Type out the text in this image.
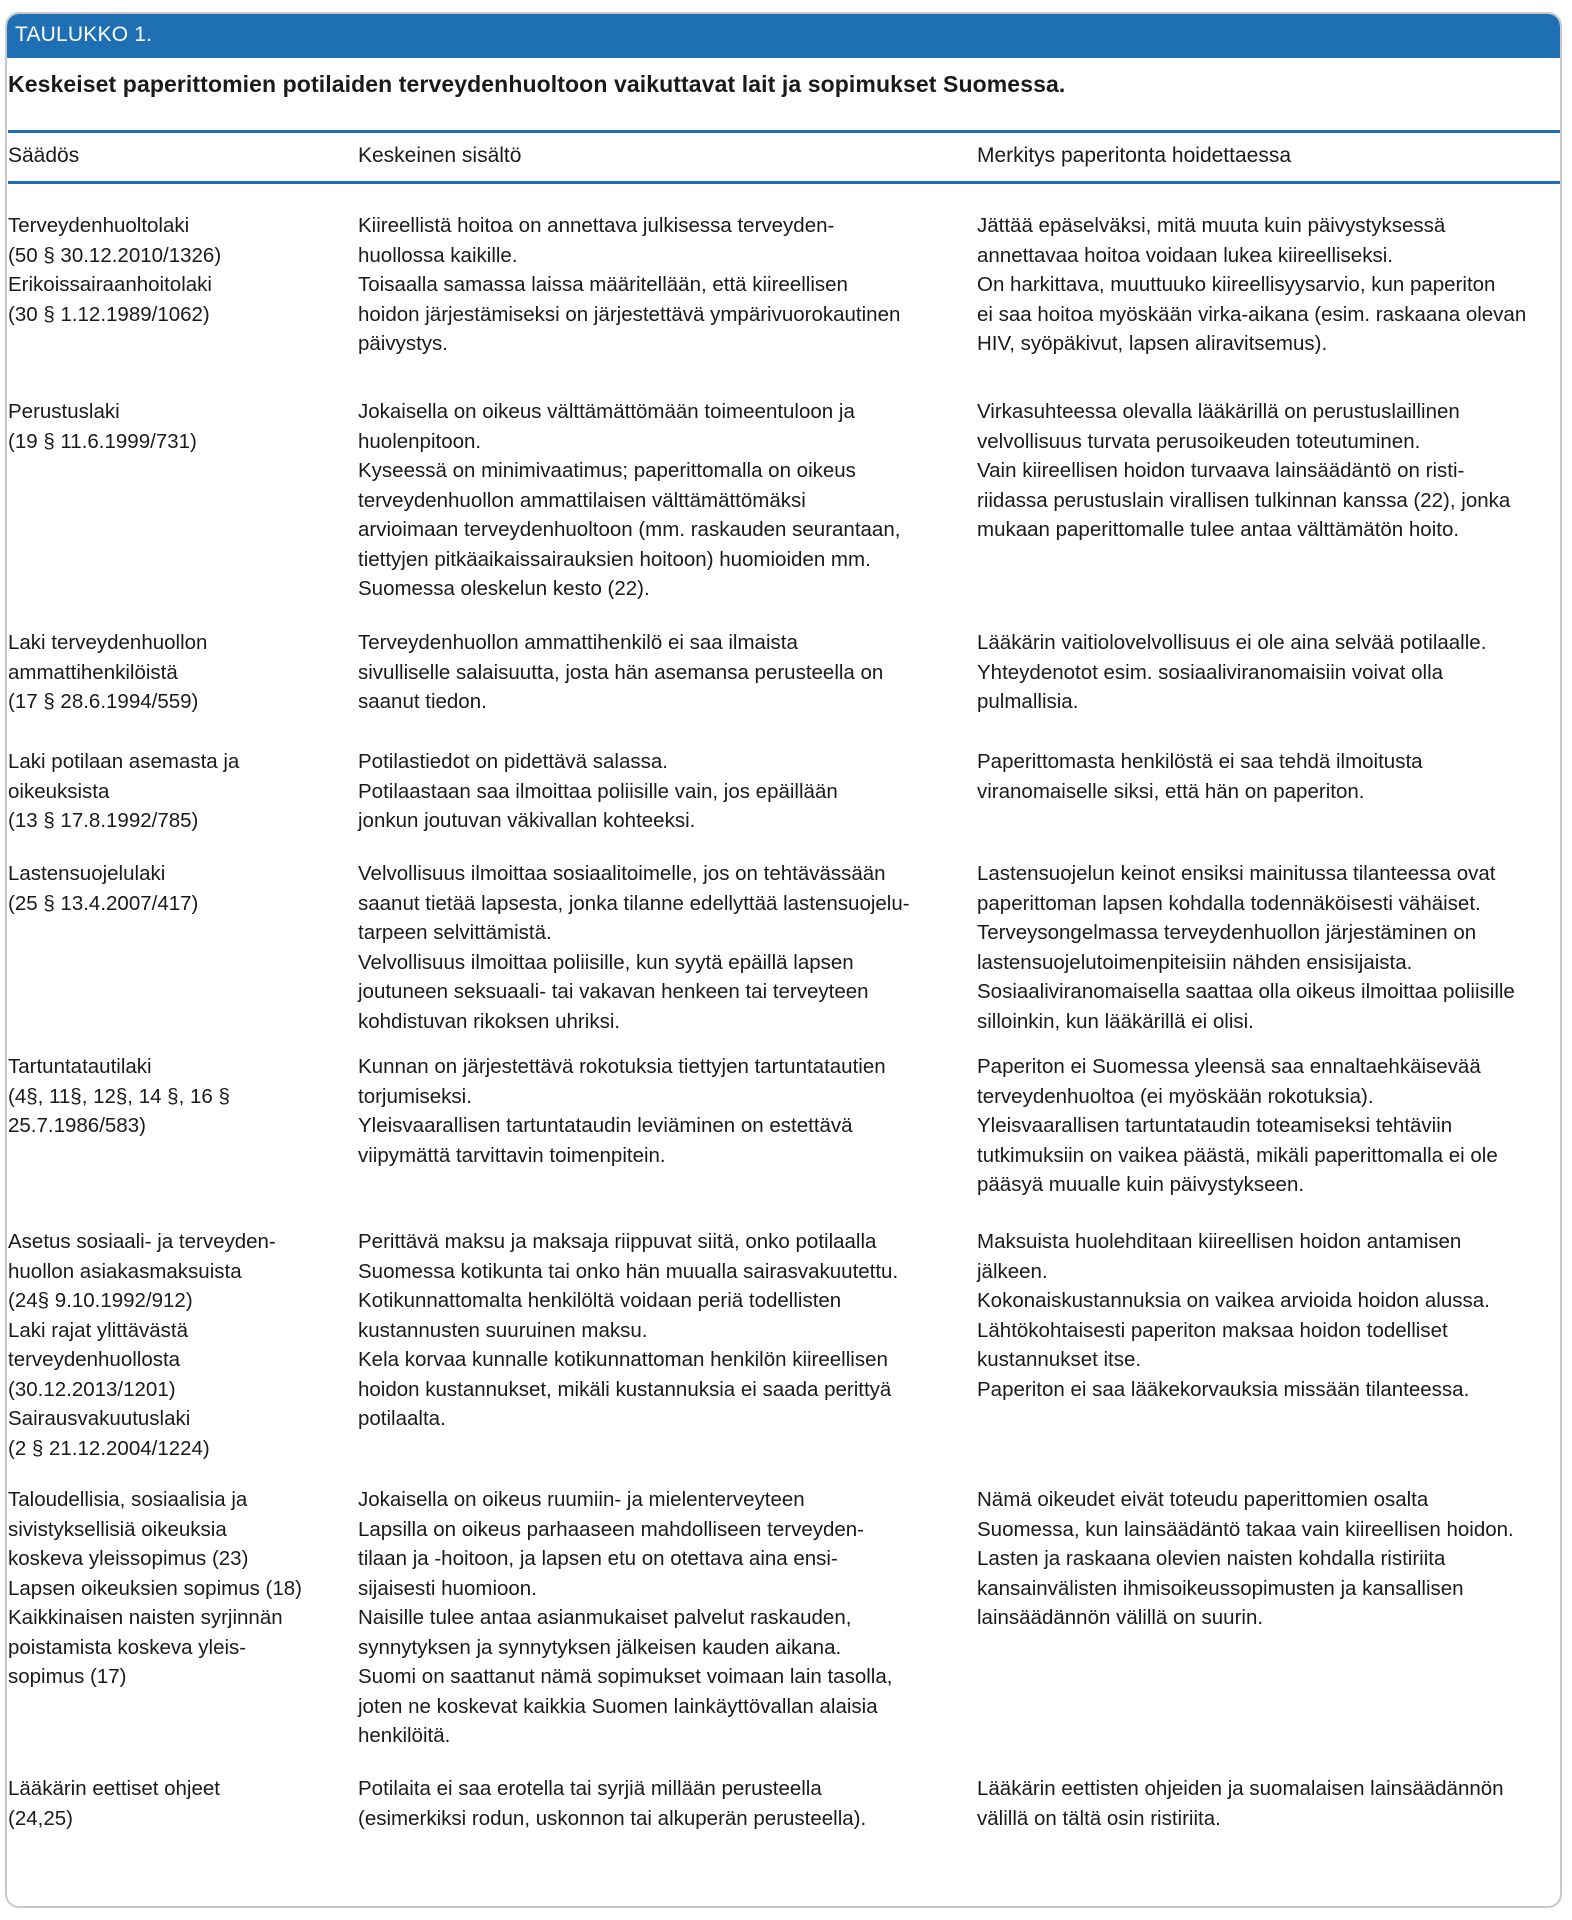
TAULUKKO 1.
Keskeiset paperittomien potilaiden terveydenhuoltoon vaikuttavat lait ja sopimukset Suomessa.
Säädös	Keskeinen sisältö	Merkitys paperitonta hoidettaessa
Terveydenhuoltolaki
(50 § 30.12.2010/1326)
Erikoissairaanhoitolaki
(30 § 1.12.1989/1062)
Kiireellistä hoitoa on annettava julkisessa terveyden-
huollossa kaikille.
Toisaalla samassa laissa määritellään, että kiireellisen
hoidon järjestämiseksi on järjestettävä ympärivuorokautinen
päivystys.
Jättää epäselväksi, mitä muuta kuin päivystyksessä
annettavaa hoitoa voidaan lukea kiireelliseksi.
On harkittava, muuttuuko kiireellisyysarvio, kun paperiton
ei saa hoitoa myöskään virka-aikana (esim. raskaana olevan
HIV, syöpäkivut, lapsen aliravitsemus).
Perustuslaki
(19 § 11.6.1999/731)
Jokaisella on oikeus välttämättömään toimeentuloon ja
huolenpitoon.
Kyseessä on minimivaatimus; paperittomalla on oikeus
terveydenhuollon ammattilaisen välttämättömäksi
arvioimaan terveydenhuoltoon (mm. raskauden seurantaan,
tiettyjen pitkäaikaissairauksien hoitoon) huomioiden mm.
Suomessa oleskelun kesto (22).
Virkasuhteessa olevalla lääkärillä on perustuslaillinen
velvollisuus turvata perusoikeuden toteutuminen.
Vain kiireellisen hoidon turvaava lainsäädäntö on risti-
riidassa perustuslain virallisen tulkinnan kanssa (22), jonka
mukaan paperittomalle tulee antaa välttämätön hoito.
Laki terveydenhuollon
ammattihenkilöistä
(17 § 28.6.1994/559)
Terveydenhuollon ammattihenkilö ei saa ilmaista
sivulliselle salaisuutta, josta hän asemansa perusteella on
saanut tiedon.
Lääkärin vaitiolovelvollisuus ei ole aina selvää potilaalle.
Yhteydenotot esim. sosiaaliviranomaisiin voivat olla
pulmallisia.
Laki potilaan asemasta ja
oikeuksista
(13 § 17.8.1992/785)
Potilastiedot on pidettävä salassa.
Potilaastaan saa ilmoittaa poliisille vain, jos epäillään
jonkun joutuvan väkivallan kohteeksi.
Paperittomasta henkilöstä ei saa tehdä ilmoitusta
viranomaiselle siksi, että hän on paperiton.
Lastensuojelulaki
(25 § 13.4.2007/417)
Velvollisuus ilmoittaa sosiaalitoimelle, jos on tehtävässään
saanut tietää lapsesta, jonka tilanne edellyttää lastensuojelu-
tarpeen selvittämistä.
Velvollisuus ilmoittaa poliisille, kun syytä epäillä lapsen
joutuneen seksuaali- tai vakavan henkeen tai terveyteen
kohdistuvan rikoksen uhriksi.
Lastensuojelun keinot ensiksi mainitussa tilanteessa ovat
paperittoman lapsen kohdalla todennäköisesti vähäiset.
Terveysongelmassa terveydenhuollon järjestäminen on
lastensuojelutoimenpiteisiin nähden ensisijaista.
Sosiaaliviranomaisella saattaa olla oikeus ilmoittaa poliisille
silloinkin, kun lääkärillä ei olisi.
Tartuntatautilaki
(4§, 11§, 12§, 14 §, 16 §
25.7.1986/583)
Kunnan on järjestettävä rokotuksia tiettyjen tartuntatautien
torjumiseksi.
Yleisvaarallisen tartuntataudin leviäminen on estettävä
viipymättä tarvittavin toimenpitein.
Paperiton ei Suomessa yleensä saa ennaltaehkäisevää
terveydenhuoltoa (ei myöskään rokotuksia).
Yleisvaarallisen tartuntataudin toteamiseksi tehtäviin
tutkimuksiin on vaikea päästä, mikäli paperittomalla ei ole
pääsyä muualle kuin päivystykseen.
Asetus sosiaali- ja terveyden-
huollon asiakasmaksuista
(24§ 9.10.1992/912)
Laki rajat ylittävästä
terveydenhuollosta
(30.12.2013/1201)
Sairausvakuutuslaki
(2 § 21.12.2004/1224)
Perittävä maksu ja maksaja riippuvat siitä, onko potilaalla
Suomessa kotikunta tai onko hän muualla sairasvakuutettu.
Kotikunnattomalta henkilöltä voidaan periä todellisten
kustannusten suuruinen maksu.
Kela korvaa kunnalle kotikunnattoman henkilön kiireellisen
hoidon kustannukset, mikäli kustannuksia ei saada perittyä
potilaalta.
Maksuista huolehditaan kiireellisen hoidon antamisen
jälkeen.
Kokonaiskustannuksia on vaikea arvioida hoidon alussa.
Lähtökohtaisesti paperiton maksaa hoidon todelliset
kustannukset itse.
Paperiton ei saa lääkekorvauksia missään tilanteessa.
Taloudellisia, sosiaalisia ja
sivistyksellisiä oikeuksia
koskeva yleissopimus (23)
Lapsen oikeuksien sopimus (18)
Kaikkinaisen naisten syrjinnän
poistamista koskeva yleis-
sopimus (17)
Jokaisella on oikeus ruumiin- ja mielenterveyteen
Lapsilla on oikeus parhaaseen mahdolliseen terveyden-
tilaan ja -hoitoon, ja lapsen etu on otettava aina ensi-
sijaisesti huomioon.
Naisille tulee antaa asianmukaiset palvelut raskauden,
synnytyksen ja synnytyksen jälkeisen kauden aikana.
Suomi on saattanut nämä sopimukset voimaan lain tasolla,
joten ne koskevat kaikkia Suomen lainkäyttövallan alaisia
henkilöitä.
Nämä oikeudet eivät toteudu paperittomien osalta
Suomessa, kun lainsäädäntö takaa vain kiireellisen hoidon.
Lasten ja raskaana olevien naisten kohdalla ristiriita
kansainvälisten ihmisoikeussopimusten ja kansallisen
lainsäädännön välillä on suurin.
Lääkärin eettiset ohjeet
(24,25)
Potilaita ei saa erotella tai syrjiä millään perusteella
(esimerkiksi rodun, uskonnon tai alkuperän perusteella).
Lääkärin eettisten ohjeiden ja suomalaisen lainsäädännön
välillä on tältä osin ristiriita.
